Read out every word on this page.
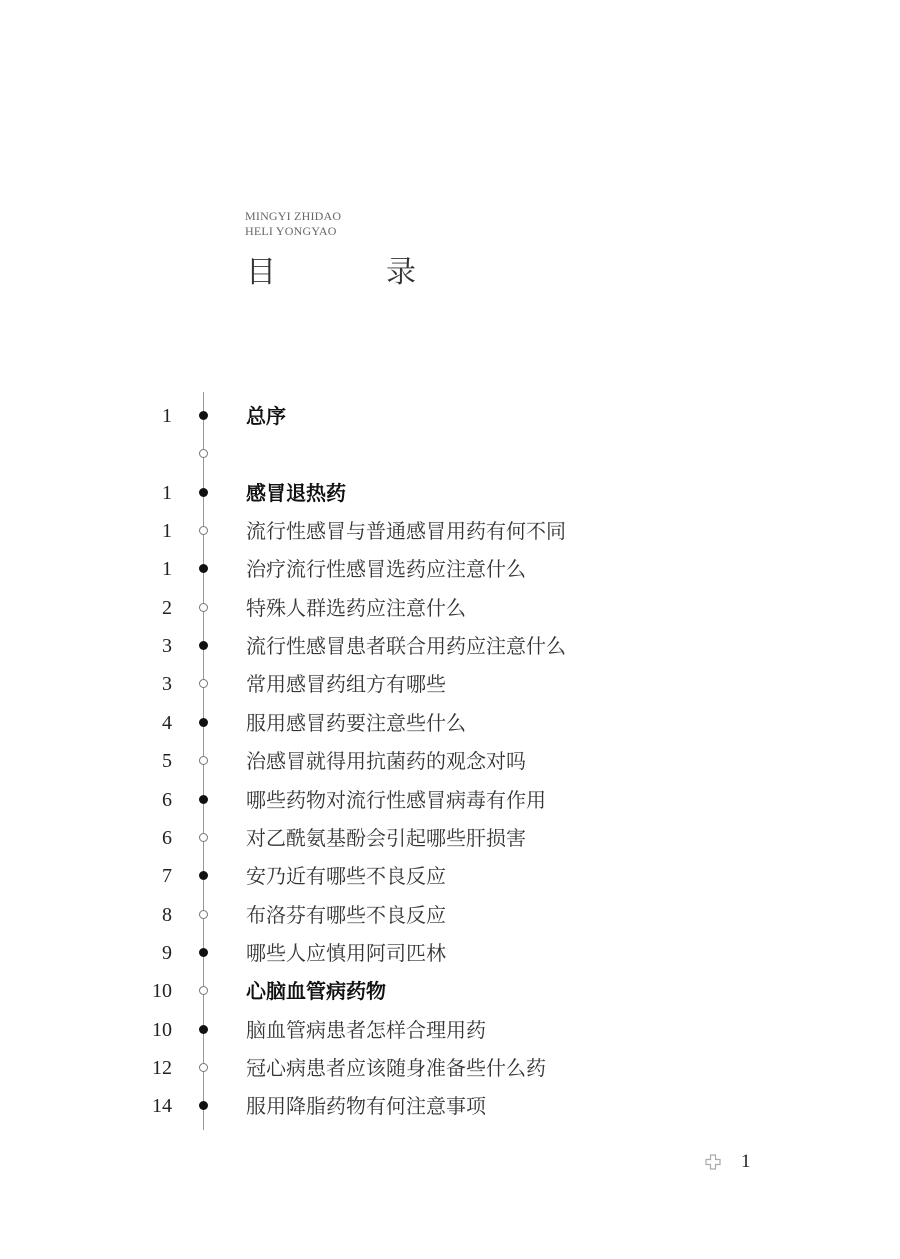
MINGYI ZHIDAO
HELI YONGYAO
目　录
1	总序
1	感冒退热药
1	流行性感冒与普通感冒用药有何不同
1	治疗流行性感冒选药应注意什么
2	特殊人群选药应注意什么
3	流行性感冒患者联合用药应注意什么
3	常用感冒药组方有哪些
4	服用感冒药要注意些什么
5	治感冒就得用抗菌药的观念对吗
6	哪些药物对流行性感冒病毒有作用
6	对乙酰氨基酚会引起哪些肝损害
7	安乃近有哪些不良反应
8	布洛芬有哪些不良反应
9	哪些人应慎用阿司匹林
10	心脑血管病药物
10	脑血管病患者怎样合理用药
12	冠心病患者应该随身准备些什么药
14	服用降脂药物有何注意事项
1
